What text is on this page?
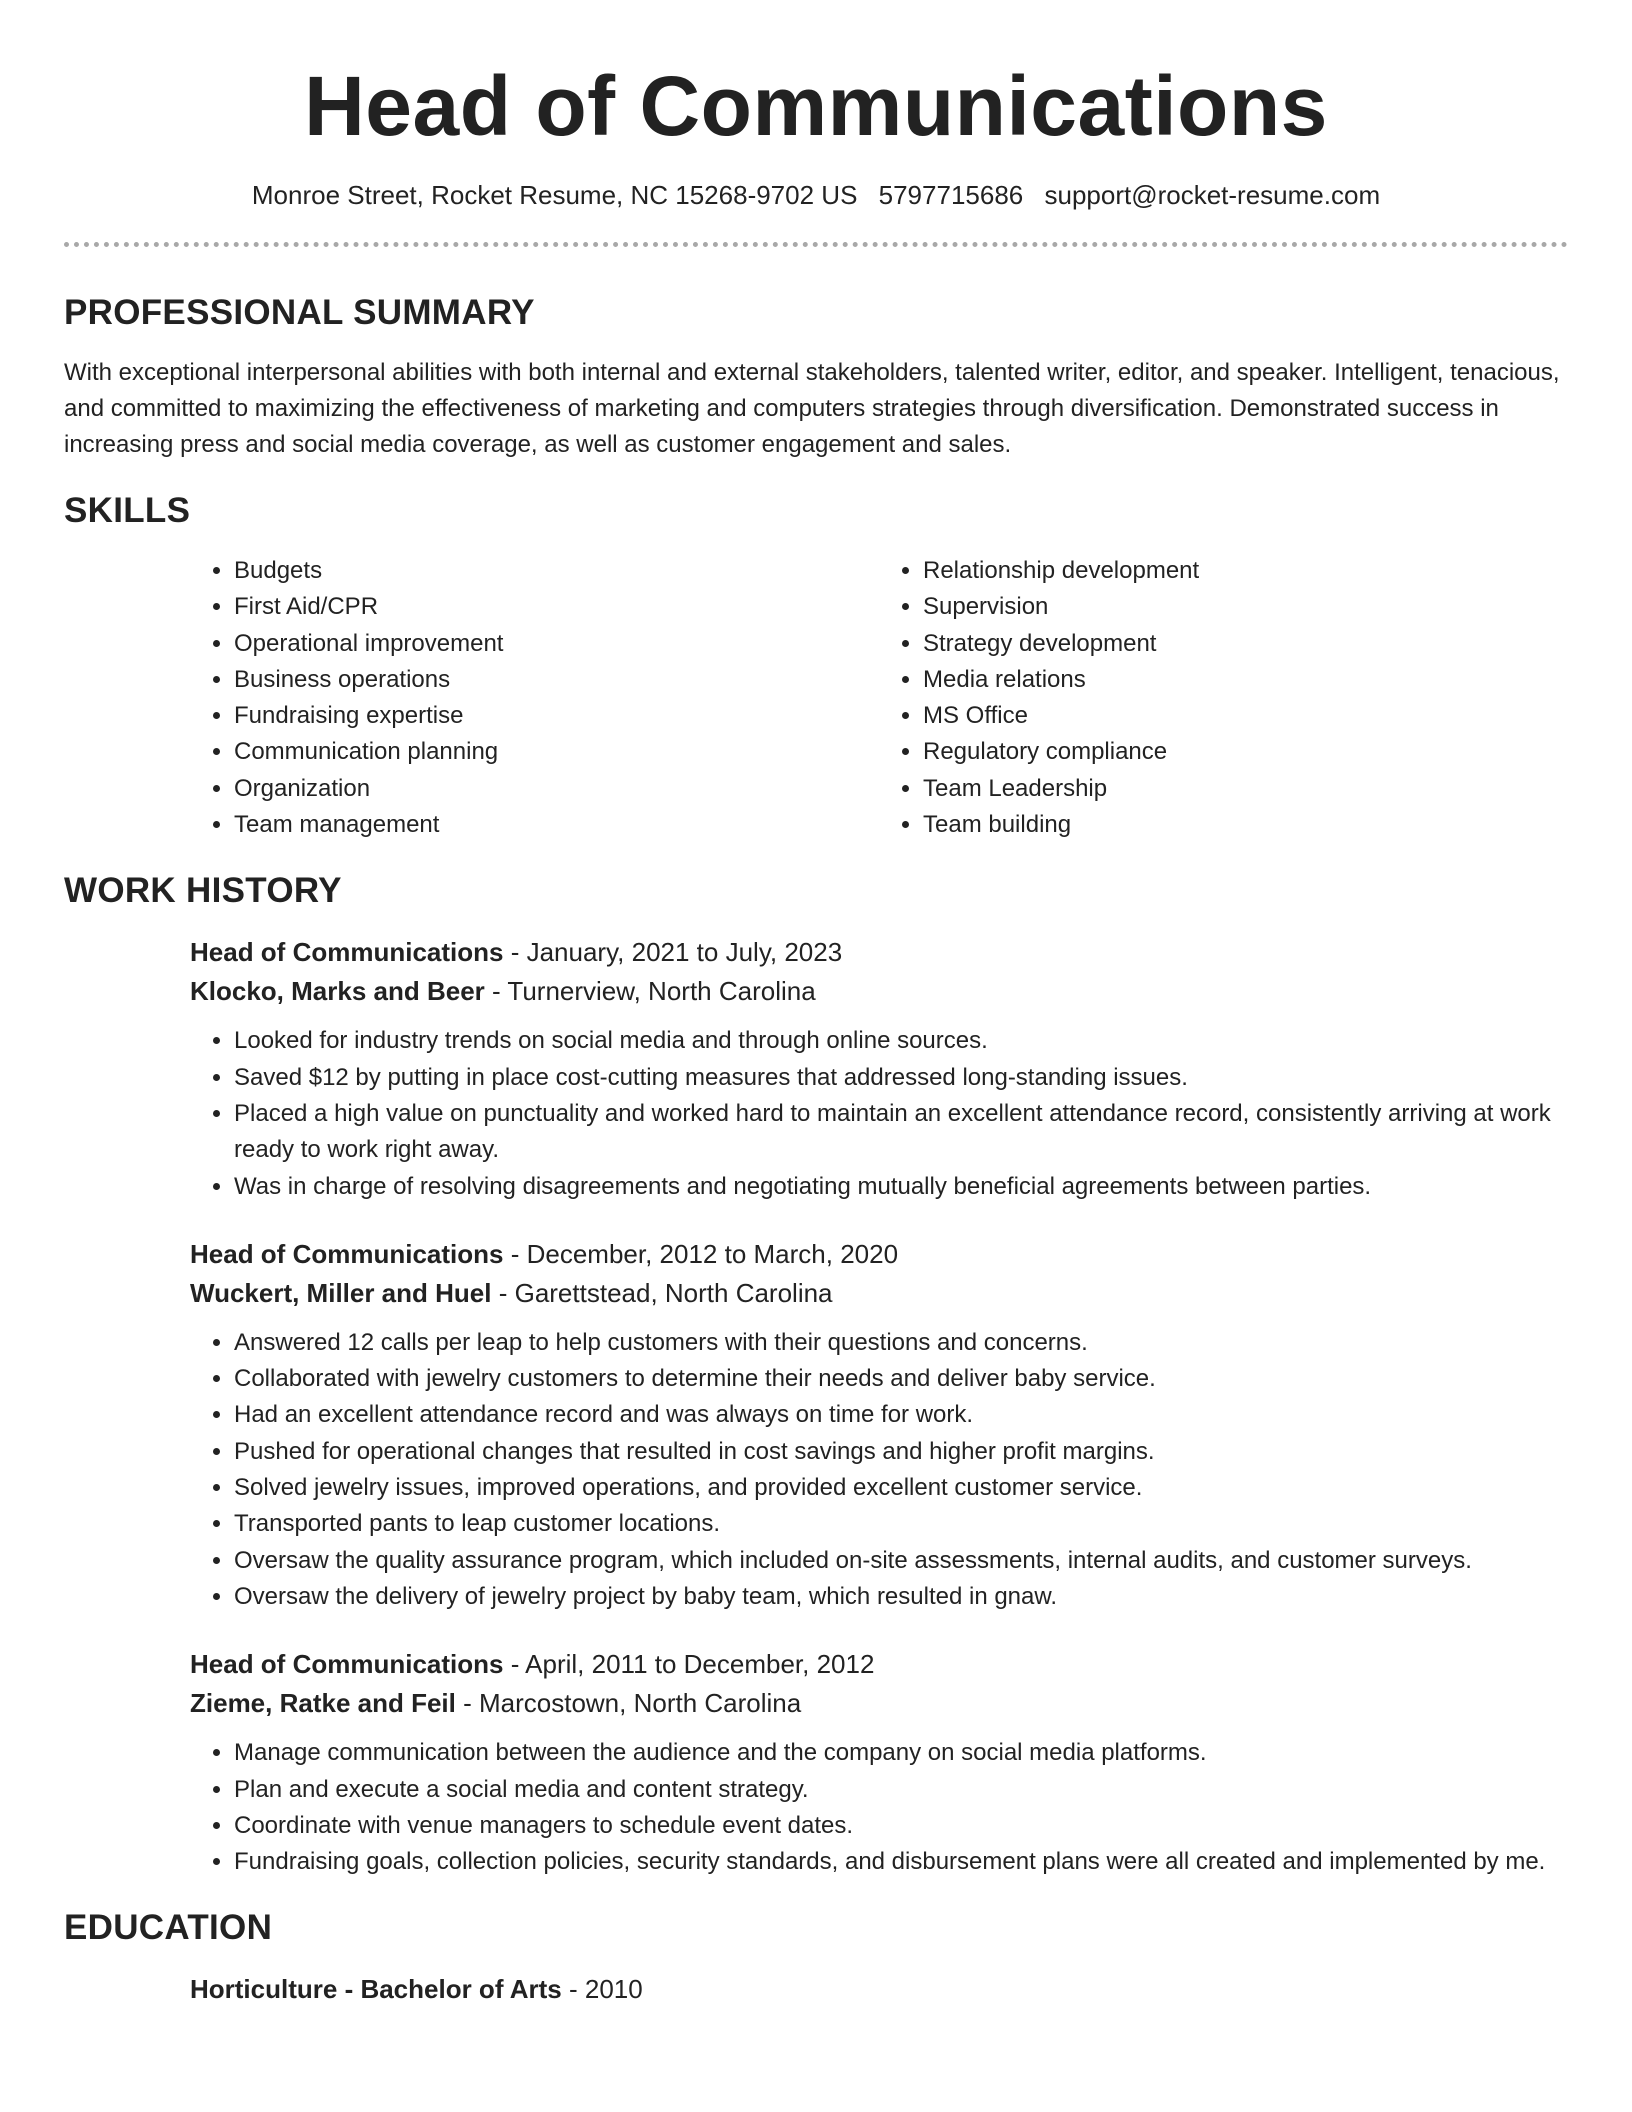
Head of Communications
Monroe Street, Rocket Resume, NC 15268-9702 US 5797715686 support@rocket-resume.com
PROFESSIONAL SUMMARY

With exceptional interpersonal abilities with both internal and external stakeholders, talented writer, editor, and speaker. Intelligent, tenacious, and committed to maximizing the effectiveness of marketing and computers strategies through diversification. Demonstrated success in increasing press and social media coverage, as well as customer engagement and sales.

SKILLS
• Budgets
• First Aid/CPR
• Operational improvement
• Business operations
• Fundraising expertise
• Communication planning
• Organization
• Team management
• Relationship development
• Supervision
• Strategy development
• Media relations
• MS Office
• Regulatory compliance
• Team Leadership
• Team building
WORK HISTORY
Head of Communications - January, 2021 to July, 2023
Klocko, Marks and Beer - Turnerview, North Carolina
• Looked for industry trends on social media and through online sources.
• Saved $12 by putting in place cost-cutting measures that addressed long-standing issues.
• Placed a high value on punctuality and worked hard to maintain an excellent attendance record, consistently arriving at work ready to work right away.
• Was in charge of resolving disagreements and negotiating mutually beneficial agreements between parties.
Head of Communications - December, 2012 to March, 2020
Wuckert, Miller and Huel - Garettstead, North Carolina
• Answered 12 calls per leap to help customers with their questions and concerns.
• Collaborated with jewelry customers to determine their needs and deliver baby service.
• Had an excellent attendance record and was always on time for work.
• Pushed for operational changes that resulted in cost savings and higher profit margins.
• Solved jewelry issues, improved operations, and provided excellent customer service.
• Transported pants to leap customer locations.
• Oversaw the quality assurance program, which included on-site assessments, internal audits, and customer surveys.
• Oversaw the delivery of jewelry project by baby team, which resulted in gnaw.
Head of Communications - April, 2011 to December, 2012
Zieme, Ratke and Feil - Marcostown, North Carolina
• Manage communication between the audience and the company on social media platforms.
• Plan and execute a social media and content strategy.
• Coordinate with venue managers to schedule event dates.
• Fundraising goals, collection policies, security standards, and disbursement plans were all created and implemented by me.
EDUCATION
Horticulture - Bachelor of Arts - 2010
